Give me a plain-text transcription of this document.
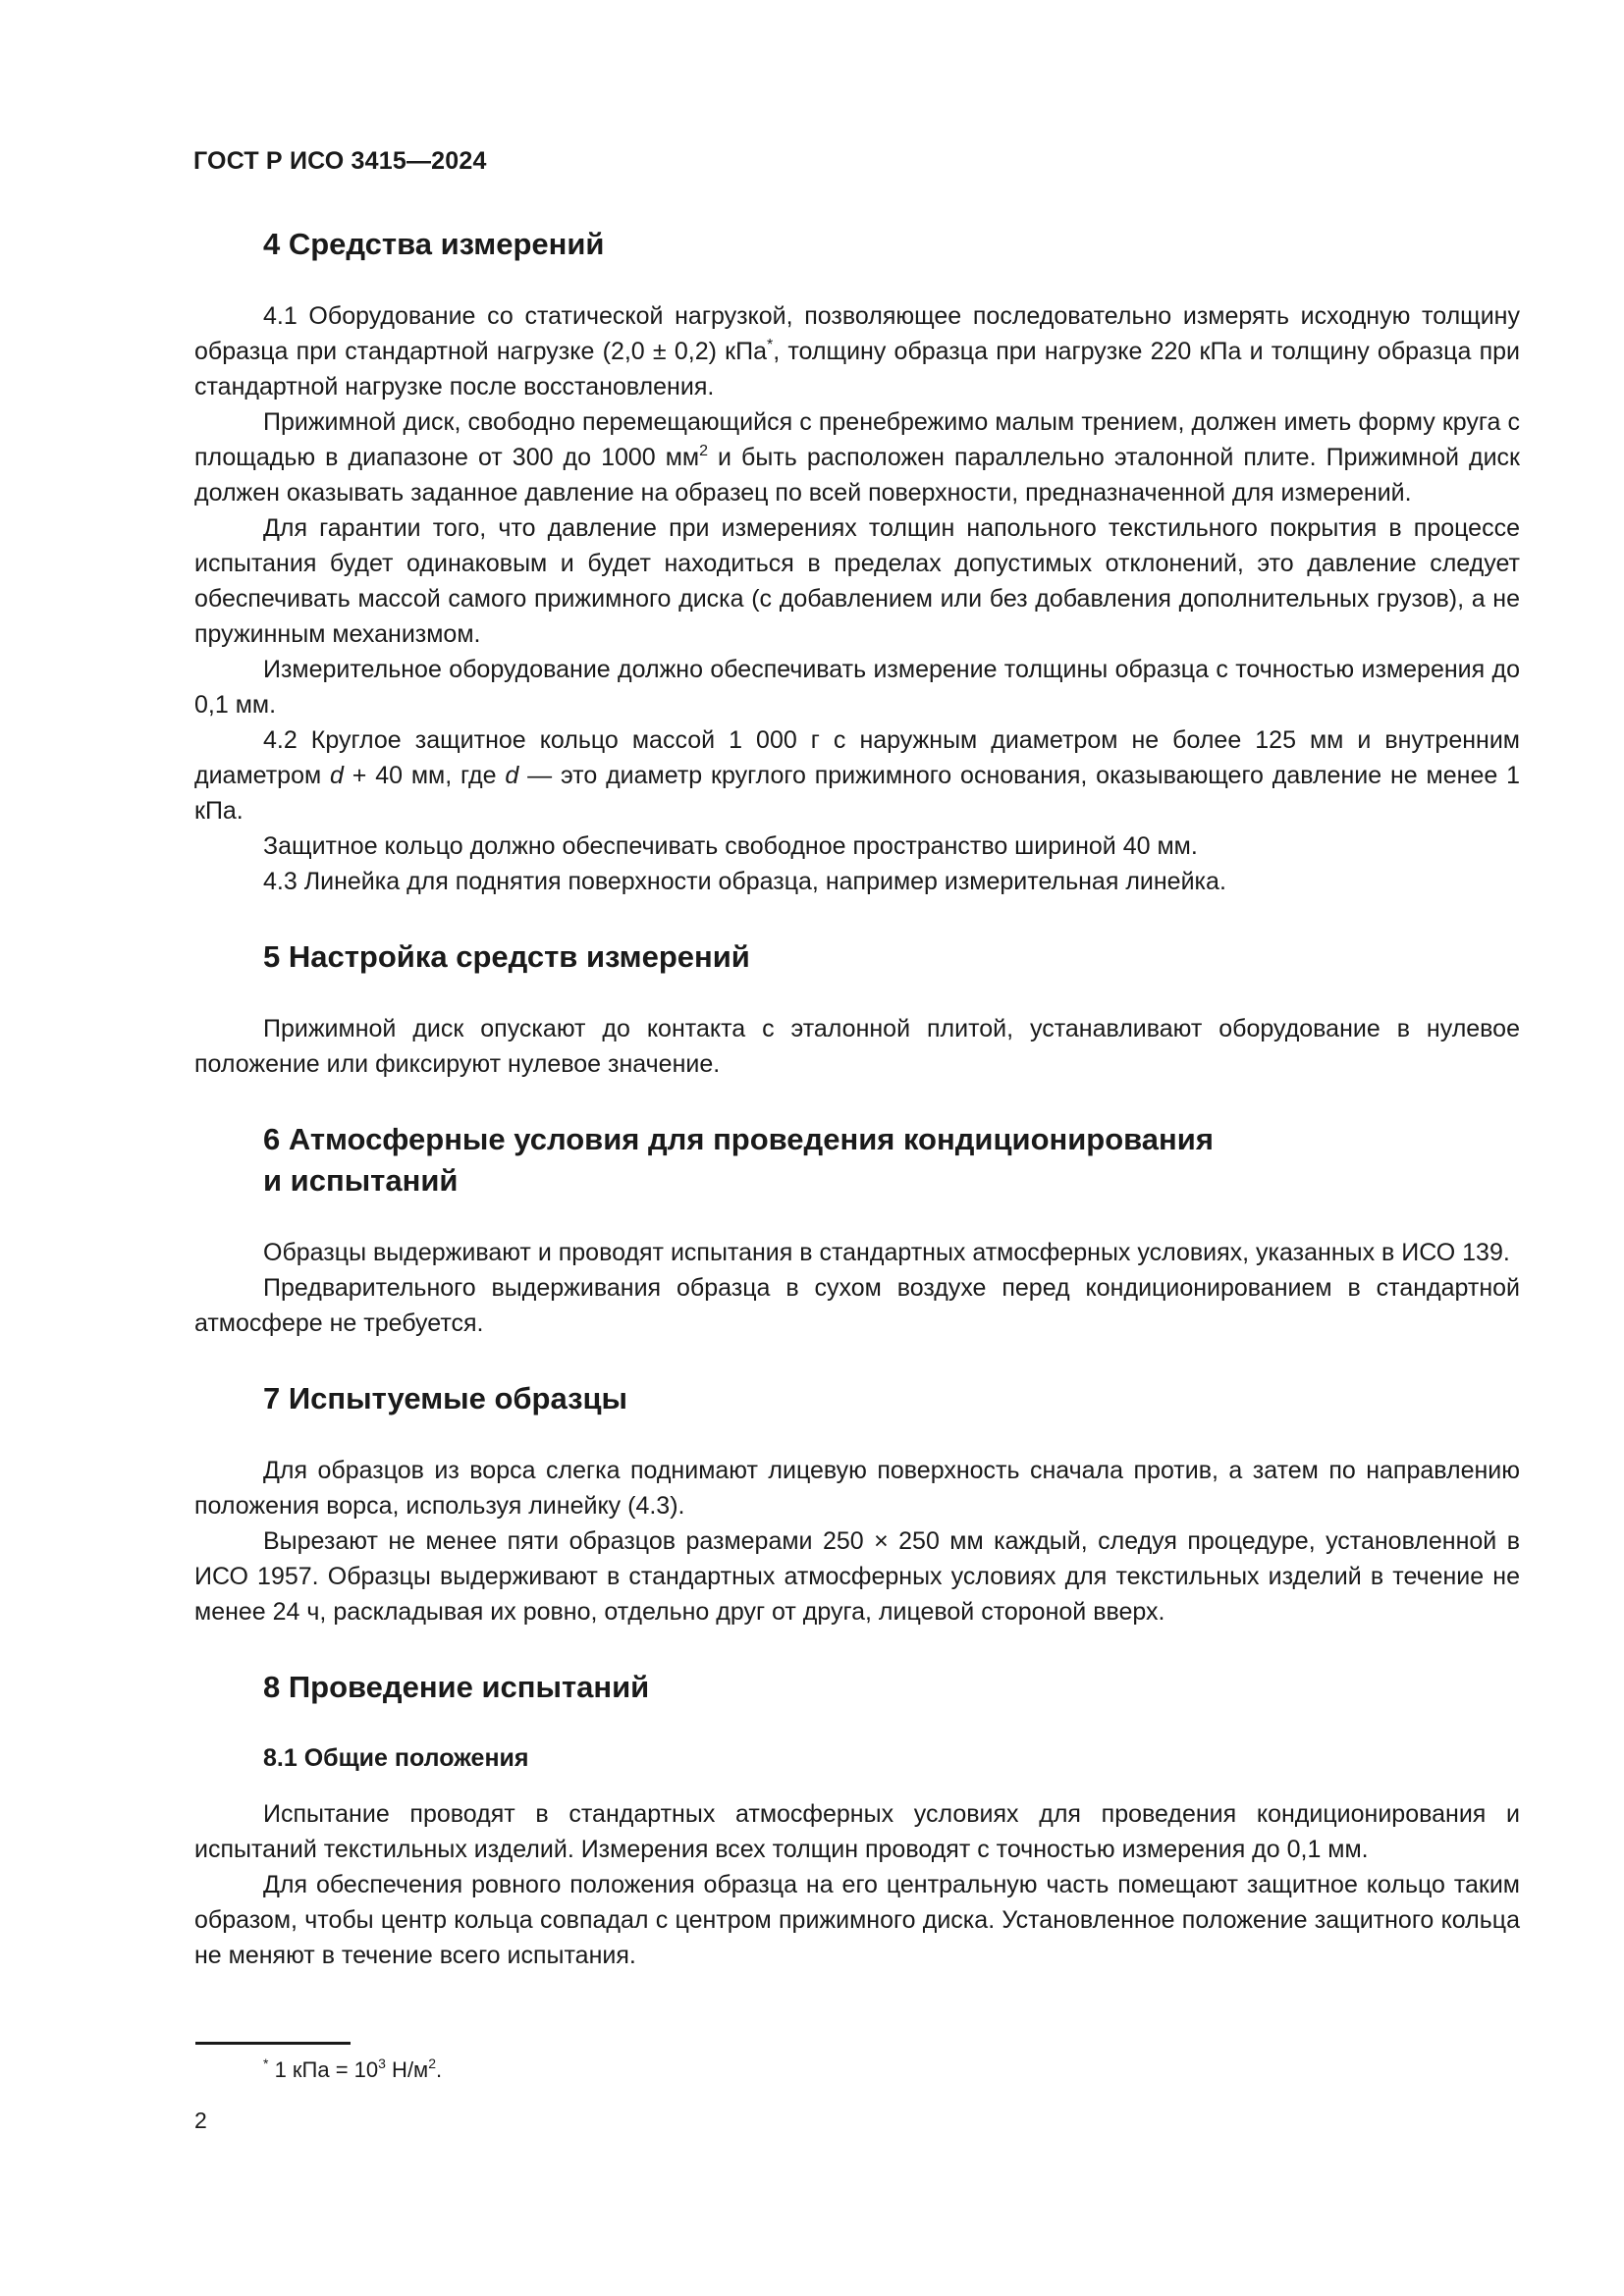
ГОСТ Р ИСО 3415—2024
4 Средства измерений

4.1 Оборудование со статической нагрузкой, позволяющее последовательно измерять исходную толщину образца при стандартной нагрузке (2,0 ± 0,2) кПа*, толщину образца при нагрузке 220 кПа и толщину образца при стандартной нагрузке после восстановления.

Прижимной диск, свободно перемещающийся с пренебрежимо малым трением, должен иметь форму круга с площадью в диапазоне от 300 до 1000 $мм^2$ и быть расположен параллельно эталонной плите. Прижимной диск должен оказывать заданное давление на образец по всей поверхности, предназначенной для измерений.

Для гарантии того, что давление при измерениях толщин напольного текстильного покрытия в процессе испытания будет одинаковым и будет находиться в пределах допустимых отклонений, это давление следует обеспечивать массой самого прижимного диска (с добавлением или без добавления дополнительных грузов), а не пружинным механизмом.

Измерительное оборудование должно обеспечивать измерение толщины образца с точностью измерения до 0,1 мм.

4.2 Круглое защитное кольцо массой 1 000 г с наружным диаметром не более 125 мм и внутренним диаметром d + 40 мм, где d — это диаметр круглого прижимного основания, оказывающего давление не менее 1 кПа.

Защитное кольцо должно обеспечивать свободное пространство шириной 40 мм.

4.3 Линейка для поднятия поверхности образца, например измерительная линейка.

5 Настройка средств измерений

Прижимной диск опускают до контакта с эталонной плитой, устанавливают оборудование в нулевое положение или фиксируют нулевое значение.

6 Атмосферные условия для проведения кондиционирования
и испытаний

Образцы выдерживают и проводят испытания в стандартных атмосферных условиях, указанных в ИСО 139.

Предварительного выдерживания образца в сухом воздухе перед кондиционированием в стандартной атмосфере не требуется.

7 Испытуемые образцы

Для образцов из ворса слегка поднимают лицевую поверхность сначала против, а затем по направлению положения ворса, используя линейку (4.3).

Вырезают не менее пяти образцов размерами 250 × 250 мм каждый, следуя процедуре, установленной в ИСО 1957. Образцы выдерживают в стандартных атмосферных условиях для текстильных изделий в течение не менее 24 ч, раскладывая их ровно, отдельно друг от друга, лицевой стороной вверх.

8 Проведение испытаний
8.1 Общие положения

Испытание проводят в стандартных атмосферных условиях для проведения кондиционирования и испытаний текстильных изделий. Измерения всех толщин проводят с точностью измерения до 0,1 мм.

Для обеспечения ровного положения образца на его центральную часть помещают защитное кольцо таким образом, чтобы центр кольца совпадал с центром прижимного диска. Установленное положение защитного кольца не меняют в течение всего испытания.

* 1 кПа = $10^3$ $Н/м^2$.
2
